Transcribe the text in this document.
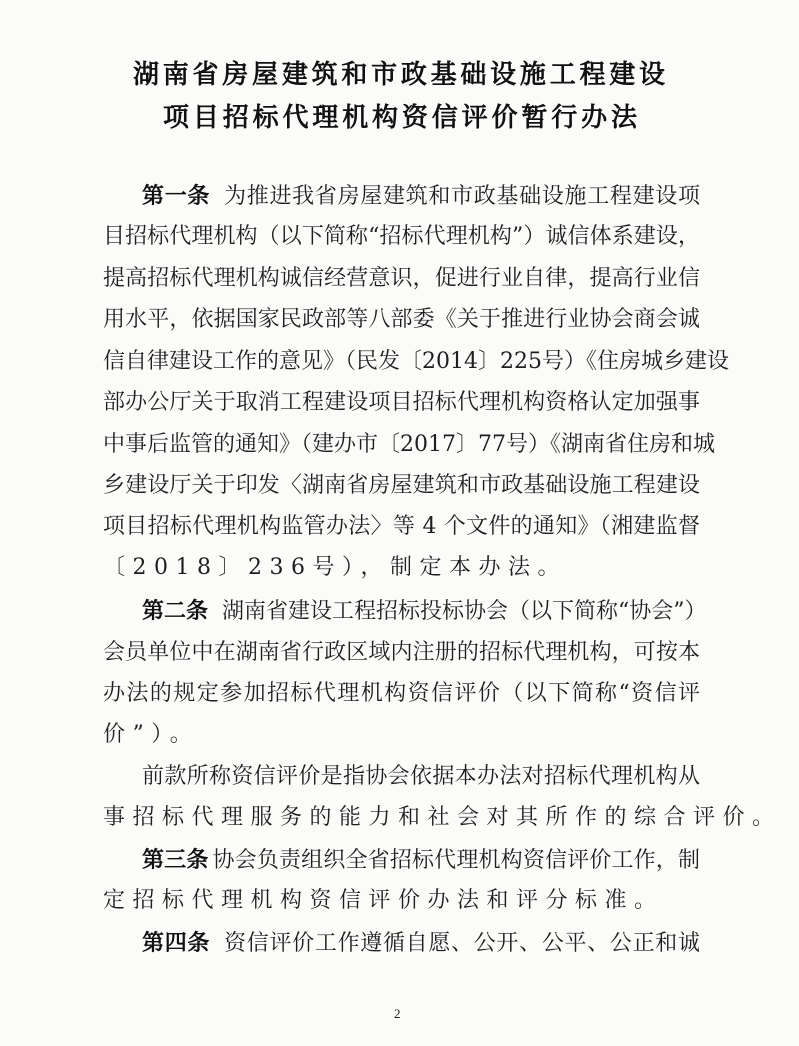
湖南省房屋建筑和市政基础设施工程建设
项目招标代理机构资信评价暂行办法
第一条 为推进我省房屋建筑和市政基础设施工程建设项
目招标代理机构（以下简称“招标代理机构”）诚信体系建设，
提高招标代理机构诚信经营意识，促进行业自律，提高行业信
用水平，依据国家民政部等八部委《关于推进行业协会商会诚
信自律建设工作的意见》（民发〔2014〕225号）《住房城乡建设
部办公厅关于取消工程建设项目招标代理机构资格认定加强事
中事后监管的通知》（建办市〔2017〕77号）《湖南省住房和城
乡建设厅关于印发〈湖南省房屋建筑和市政基础设施工程建设
项目招标代理机构监管办法〉等 4 个文件的通知》（湘建监督
〔2018〕236号），制定本办法。
第二条 湖南省建设工程招标投标协会（以下简称“协会”）
会员单位中在湖南省行政区域内注册的招标代理机构，可按本
办法的规定参加招标代理机构资信评价（以下简称“资信评
价”）。
前款所称资信评价是指协会依据本办法对招标代理机构从
事招标代理服务的能力和社会对其所作的综合评价。
第三条 协会负责组织全省招标代理机构资信评价工作，制
定招标代理机构资信评价办法和评分标准。
第四条 资信评价工作遵循自愿、公开、公平、公正和诚
2
